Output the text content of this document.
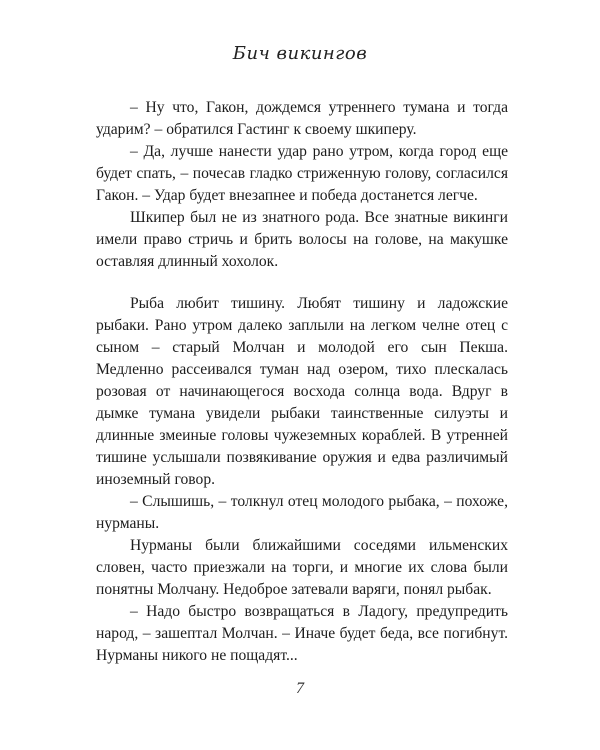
Бич викингов

– Ну что, Гакон, дождемся утреннего тумана и тогда ударим? – обратился Гастинг к своему шкиперу.

– Да, лучше нанести удар рано утром, когда город еще будет спать, – почесав гладко стриженную голову, согласился Гакон. – Удар будет внезапнее и победа достанется легче.

Шкипер был не из знатного рода. Все знатные викинги имели право стричь и брить волосы на голове, на макушке оставляя длинный хохолок.

Рыба любит тишину. Любят тишину и ладожские рыбаки. Рано утром далеко заплыли на легком челне отец с сыном – старый Молчан и молодой его сын Пекша. Медленно рассеивался туман над озером, тихо плескалась розовая от начинающегося восхода солнца вода. Вдруг в дымке тумана увидели рыбаки таинственные силуэты и длинные змеиные головы чужеземных кораблей. В утренней тишине услышали позвякивание оружия и едва различимый иноземный говор.

– Слышишь, – толкнул отец молодого рыбака, – похоже, нурманы.

Нурманы были ближайшими соседями ильменских словен, часто приезжали на торги, и многие их слова были понятны Молчану. Недоброе затевали варяги, понял рыбак.

– Надо быстро возвращаться в Ладогу, предупредить народ, – зашептал Молчан. – Иначе будет беда, все погибнут. Нурманы никого не пощадят...

7
